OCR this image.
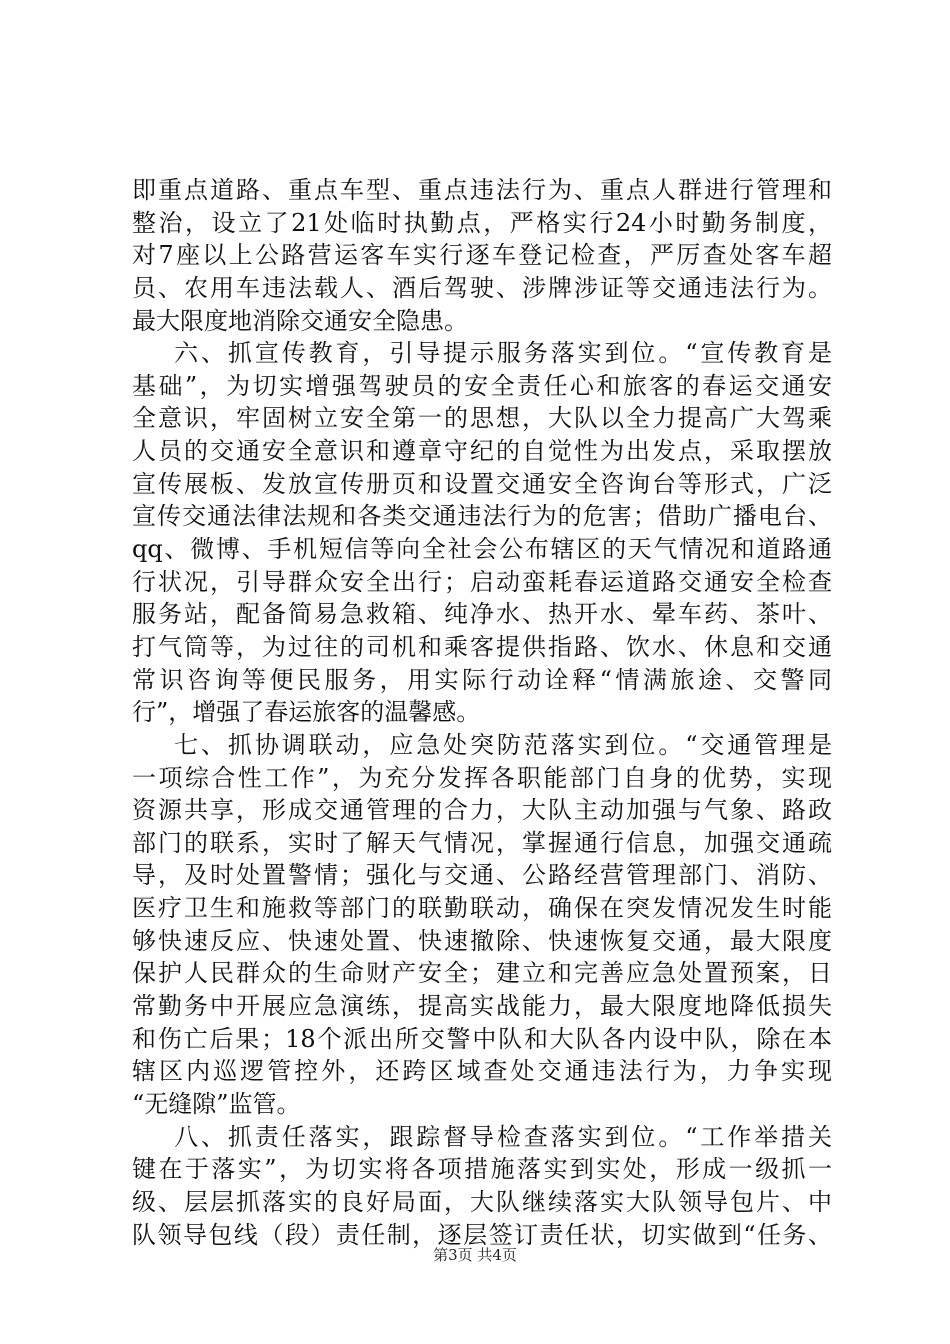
即重点道路、重点车型、重点违法行为、重点人群进行管理和
整治，设立了21处临时执勤点，严格实行24小时勤务制度，
对7座以上公路营运客车实行逐车登记检查，严厉查处客车超
员、农用车违法载人、酒后驾驶、涉牌涉证等交通违法行为。
最大限度地消除交通安全隐患。
六、抓宣传教育，引导提示服务落实到位。“宣传教育是
基础”，为切实增强驾驶员的安全责任心和旅客的春运交通安
全意识，牢固树立安全第一的思想，大队以全力提高广大驾乘
人员的交通安全意识和遵章守纪的自觉性为出发点，采取摆放
宣传展板、发放宣传册页和设置交通安全咨询台等形式，广泛
宣传交通法律法规和各类交通违法行为的危害；借助广播电台、
qq、微博、手机短信等向全社会公布辖区的天气情况和道路通
行状况，引导群众安全出行；启动蛮耗春运道路交通安全检查
服务站，配备简易急救箱、纯净水、热开水、晕车药、茶叶、
打气筒等，为过往的司机和乘客提供指路、饮水、休息和交通
常识咨询等便民服务，用实际行动诠释“情满旅途、交警同
行”，增强了春运旅客的温馨感。
七、抓协调联动，应急处突防范落实到位。“交通管理是
一项综合性工作”，为充分发挥各职能部门自身的优势，实现
资源共享，形成交通管理的合力，大队主动加强与气象、路政
部门的联系，实时了解天气情况，掌握通行信息，加强交通疏
导，及时处置警情；强化与交通、公路经营管理部门、消防、
医疗卫生和施救等部门的联勤联动，确保在突发情况发生时能
够快速反应、快速处置、快速撤除、快速恢复交通，最大限度
保护人民群众的生命财产安全；建立和完善应急处置预案，日
常勤务中开展应急演练，提高实战能力，最大限度地降低损失
和伤亡后果；18个派出所交警中队和大队各内设中队，除在本
辖区内巡逻管控外，还跨区域查处交通违法行为，力争实现
“无缝隙”监管。
八、抓责任落实，跟踪督导检查落实到位。“工作举措关
键在于落实”，为切实将各项措施落实到实处，形成一级抓一
级、层层抓落实的良好局面，大队继续落实大队领导包片、中
队领导包线（段）责任制，逐层签订责任状，切实做到“任务、
第3页 共4页
